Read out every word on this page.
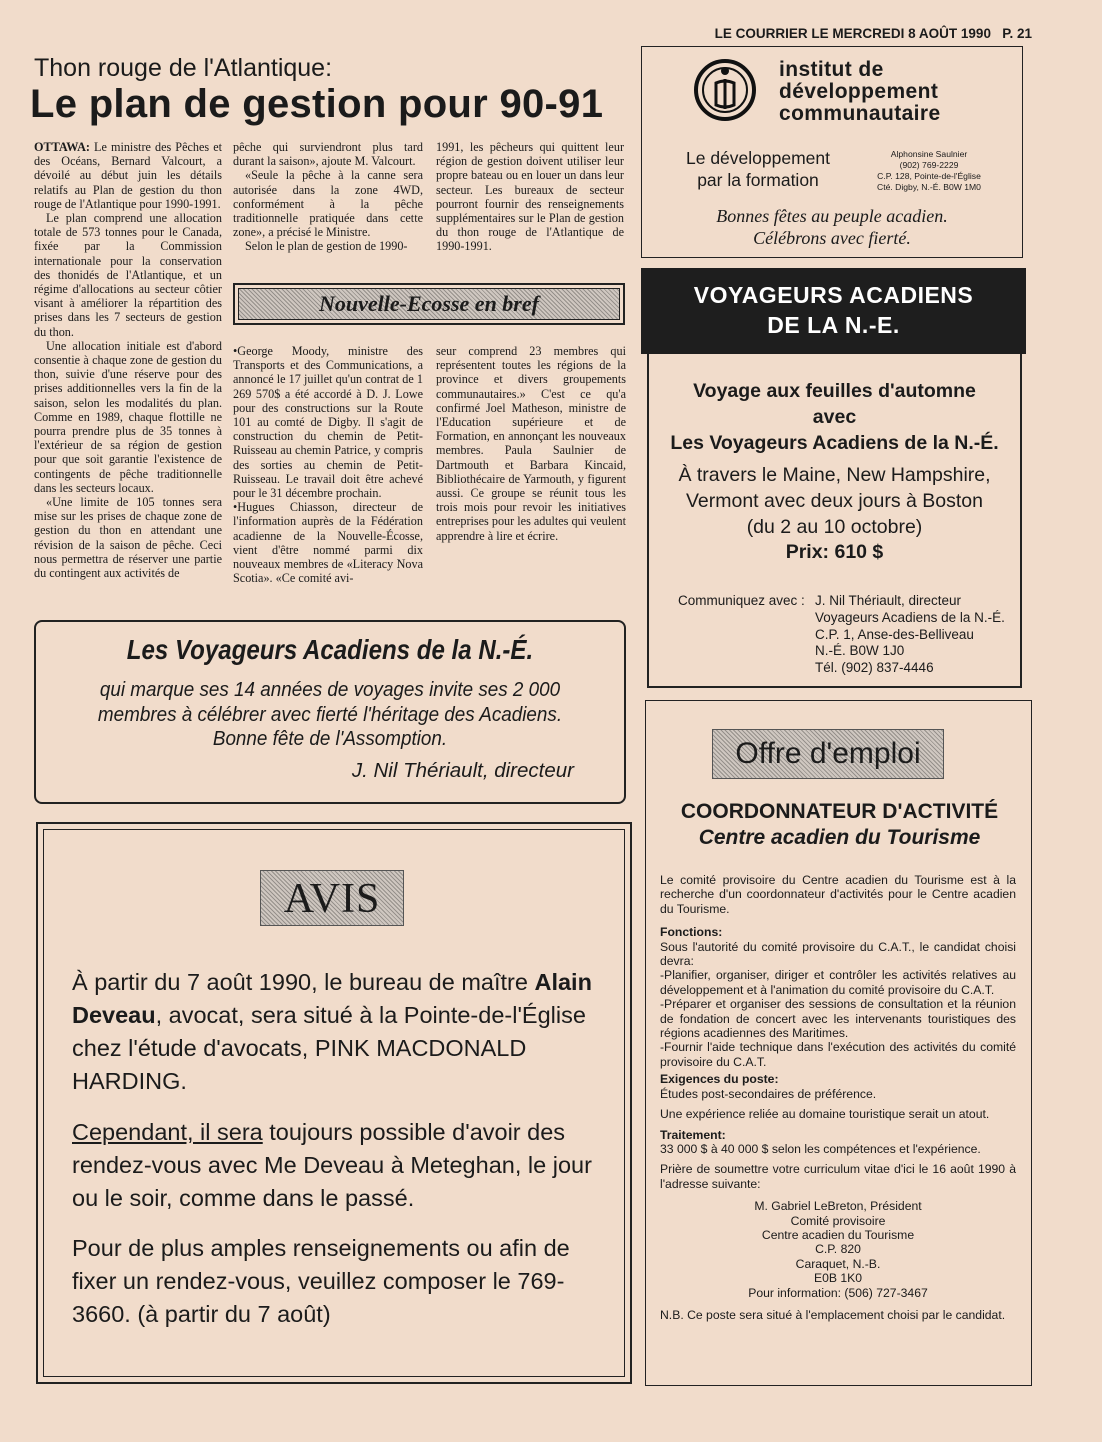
LE COURRIER LE MERCREDI 8 AOÛT 1990   P. 21
Thon rouge de l'Atlantique:
Le plan de gestion pour 90-91

OTTAWA: Le ministre des Pêches et des Océans, Bernard Valcourt, a dévoilé au début juin les détails relatifs au Plan de gestion du thon rouge de l'Atlantique pour 1990-1991.

Le plan comprend une allocation totale de 573 tonnes pour le Canada, fixée par la Commission internationale pour la conservation des thonidés de l'Atlantique, et un régime d'allocations au secteur côtier visant à améliorer la répartition des prises dans les 7 secteurs de gestion du thon.

Une allocation initiale est d'abord consentie à chaque zone de gestion du thon, suivie d'une réserve pour des prises additionnelles vers la fin de la saison, selon les modalités du plan. Comme en 1989, chaque flottille ne pourra prendre plus de 35 tonnes à l'extérieur de sa région de gestion pour que soit garantie l'existence de contingents de pêche traditionnelle dans les secteurs locaux.

«Une limite de 105 tonnes sera mise sur les prises de chaque zone de gestion du thon en attendant une révision de la saison de pêche. Ceci nous permettra de réserver une partie du contingent aux activités de

pêche qui surviendront plus tard durant la saison», ajoute M. Valcourt.

«Seule la pêche à la canne sera autorisée dans la zone 4WD, conformément à la pêche traditionnelle pratiquée dans cette zone», a précisé le Ministre.

Selon le plan de gestion de 1990-

1991, les pêcheurs qui quittent leur région de gestion doivent utiliser leur propre bateau ou en louer un dans leur secteur. Les bureaux de secteur pourront fournir des renseignements supplémentaires sur le Plan de gestion du thon rouge de l'Atlantique de 1990-1991.

Nouvelle-Ecosse en bref

•George Moody, ministre des Transports et des Communications, a annoncé le 17 juillet qu'un contrat de 1 269 570$ a été accordé à D. J. Lowe pour des constructions sur la Route 101 au comté de Digby. Il s'agit de construction du chemin de Petit-Ruisseau au chemin Patrice, y compris des sorties au chemin de Petit-Ruisseau. Le travail doit être achevé pour le 31 décembre prochain.

•Hugues Chiasson, directeur de l'information auprès de la Fédération acadienne de la Nouvelle-Écosse, vient d'être nommé parmi dix nouveaux membres de «Literacy Nova Scotia». «Ce comité avi-

seur comprend 23 membres qui représentent toutes les régions de la province et divers groupements communautaires.» C'est ce qu'a confirmé Joel Matheson, ministre de l'Education supérieure et de Formation, en annonçant les nouveaux membres. Paula Saulnier de Dartmouth et Barbara Kincaid, Bibliothécaire de Yarmouth, y figurent aussi. Ce groupe se réunit tous les trois mois pour revoir les initiatives entreprises pour les adultes qui veulent apprendre à lire et écrire.

Les Voyageurs Acadiens de la N.-É.
qui marque ses 14 années de voyages invite ses 2 000
membres à célébrer avec fierté l'héritage des Acadiens.
Bonne fête de l'Assomption.
J. Nil Thériault, directeur
AVIS
À partir du 7 août 1990, le bureau de maître Alain Deveau, avocat, sera situé à la Pointe-de-l'Église chez l'étude d'avocats, PINK MACDONALD HARDING.
Cependant, il sera toujours possible d'avoir des rendez-vous avec Me Deveau à Meteghan, le jour ou le soir, comme dans le passé.
Pour de plus amples renseignements ou afin de fixer un rendez-vous, veuillez composer le 769-3660. (à partir du 7 août)
institut de
développement
communautaire
Le développement
par la formation
Alphonsine Saulnier
(902) 769-2229
C.P. 128, Pointe-de-l'Église
Cté. Digby, N.-É. B0W 1M0
Bonnes fêtes au peuple acadien.
Célébrons avec fierté.
VOYAGEURS ACADIENS
DE LA N.-E.
Voyage aux feuilles d'automne
avec
Les Voyageurs Acadiens de la N.-É.
À travers le Maine, New Hampshire,
Vermont avec deux jours à Boston
(du 2 au 10 octobre)
Prix: 610 $
Communiquez avec : J. Nil Thériault, directeur
Voyageurs Acadiens de la N.-É.
C.P. 1, Anse-des-Belliveau
N.-É. B0W 1J0
Tél. (902) 837-4446
Offre d'emploi
COORDONNATEUR D'ACTIVITÉ
Centre acadien du Tourisme
Le comité provisoire du Centre acadien du Tourisme est à la recherche d'un coordonnateur d'activités pour le Centre acadien du Tourisme.
Fonctions:
Sous l'autorité du comité provisoire du C.A.T., le candidat choisi devra:
-Planifier, organiser, diriger et contrôler les activités relatives au développement et à l'animation du comité provisoire du C.A.T.
-Préparer et organiser des sessions de consultation et la réunion de fondation de concert avec les intervenants touristiques des régions acadiennes des Maritimes.
-Fournir l'aide technique dans l'exécution des activités du comité provisoire du C.A.T.
Exigences du poste:
Études post-secondaires de préférence.
Une expérience reliée au domaine touristique serait un atout.
Traitement:
33 000 $ à 40 000 $ selon les compétences et l'expérience.
Prière de soumettre votre curriculum vitae d'ici le 16 août 1990 à l'adresse suivante:
M. Gabriel LeBreton, Président
Comité provisoire
Centre acadien du Tourisme
C.P. 820
Caraquet, N.-B.
E0B 1K0
Pour information: (506) 727-3467
N.B. Ce poste sera situé à l'emplacement choisi par le candidat.
